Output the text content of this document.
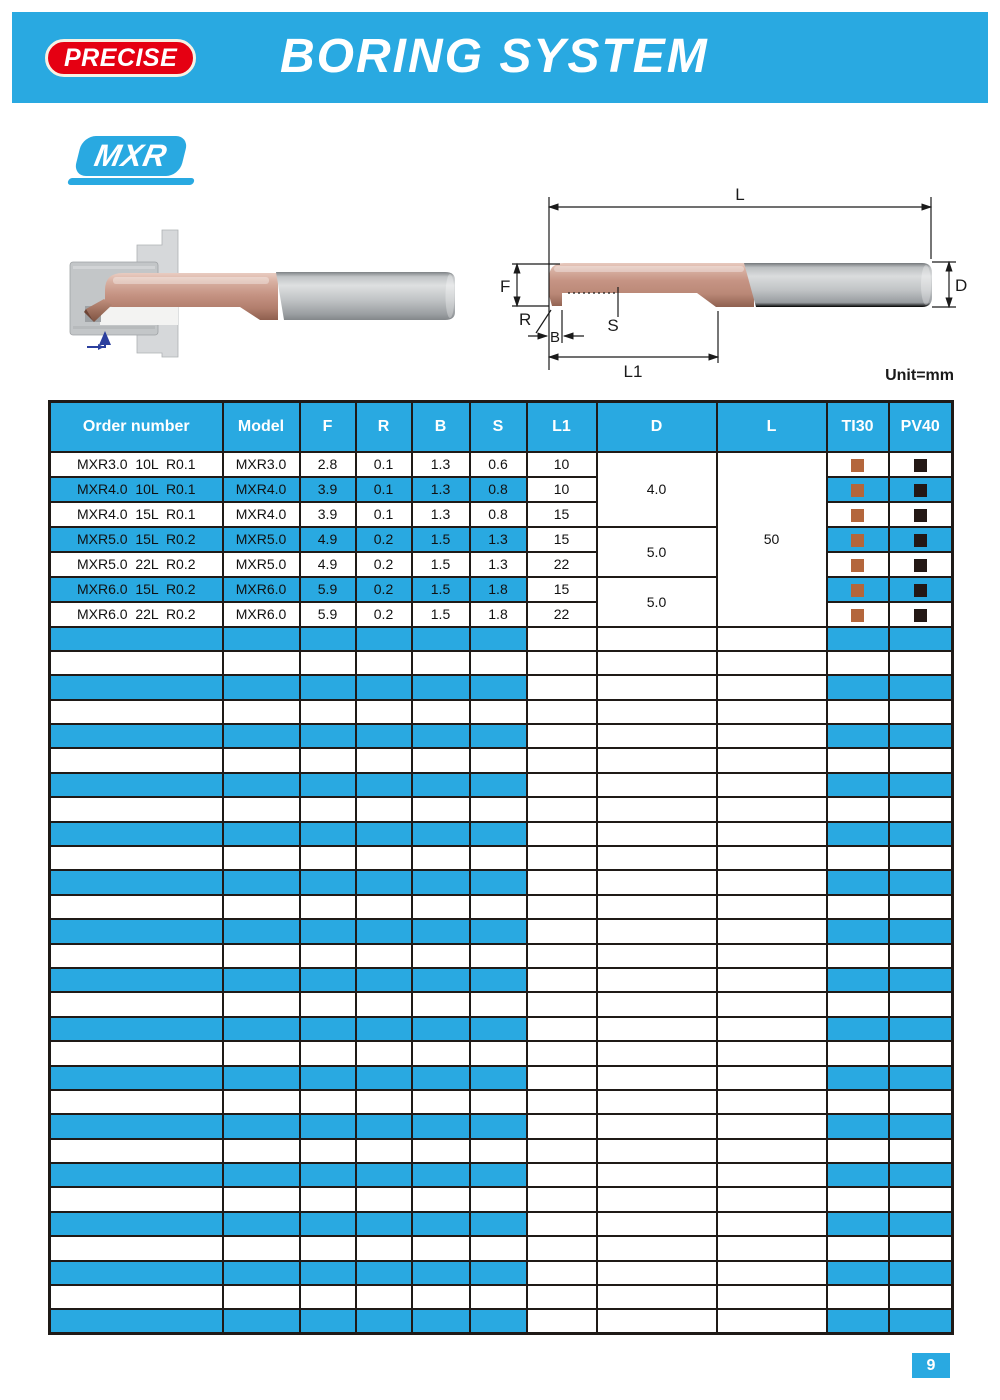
PRECISE BORING SYSTEM
MXR
L
F
R
B
S
L1
D
Unit=mm
Order number	Model	F	R	B	S	L1	D	L	TI30	PV40
MXR3.0  10L  R0.1	MXR3.0	2.8	0.1	1.3	0.6	10	4.0	50		
MXR4.0  10L  R0.1	MXR4.0	3.9	0.1	1.3	0.8	10				
MXR4.0  15L  R0.1	MXR4.0	3.9	0.1	1.3	0.8	15				
MXR5.0  15L  R0.2	MXR5.0	4.9	0.2	1.5	1.3	15	5.0			
MXR5.0  22L  R0.2	MXR5.0	4.9	0.2	1.5	1.3	22				
MXR6.0  15L  R0.2	MXR6.0	5.9	0.2	1.5	1.8	15	5.0			
MXR6.0  22L  R0.2	MXR6.0	5.9	0.2	1.5	1.8	22				

9
